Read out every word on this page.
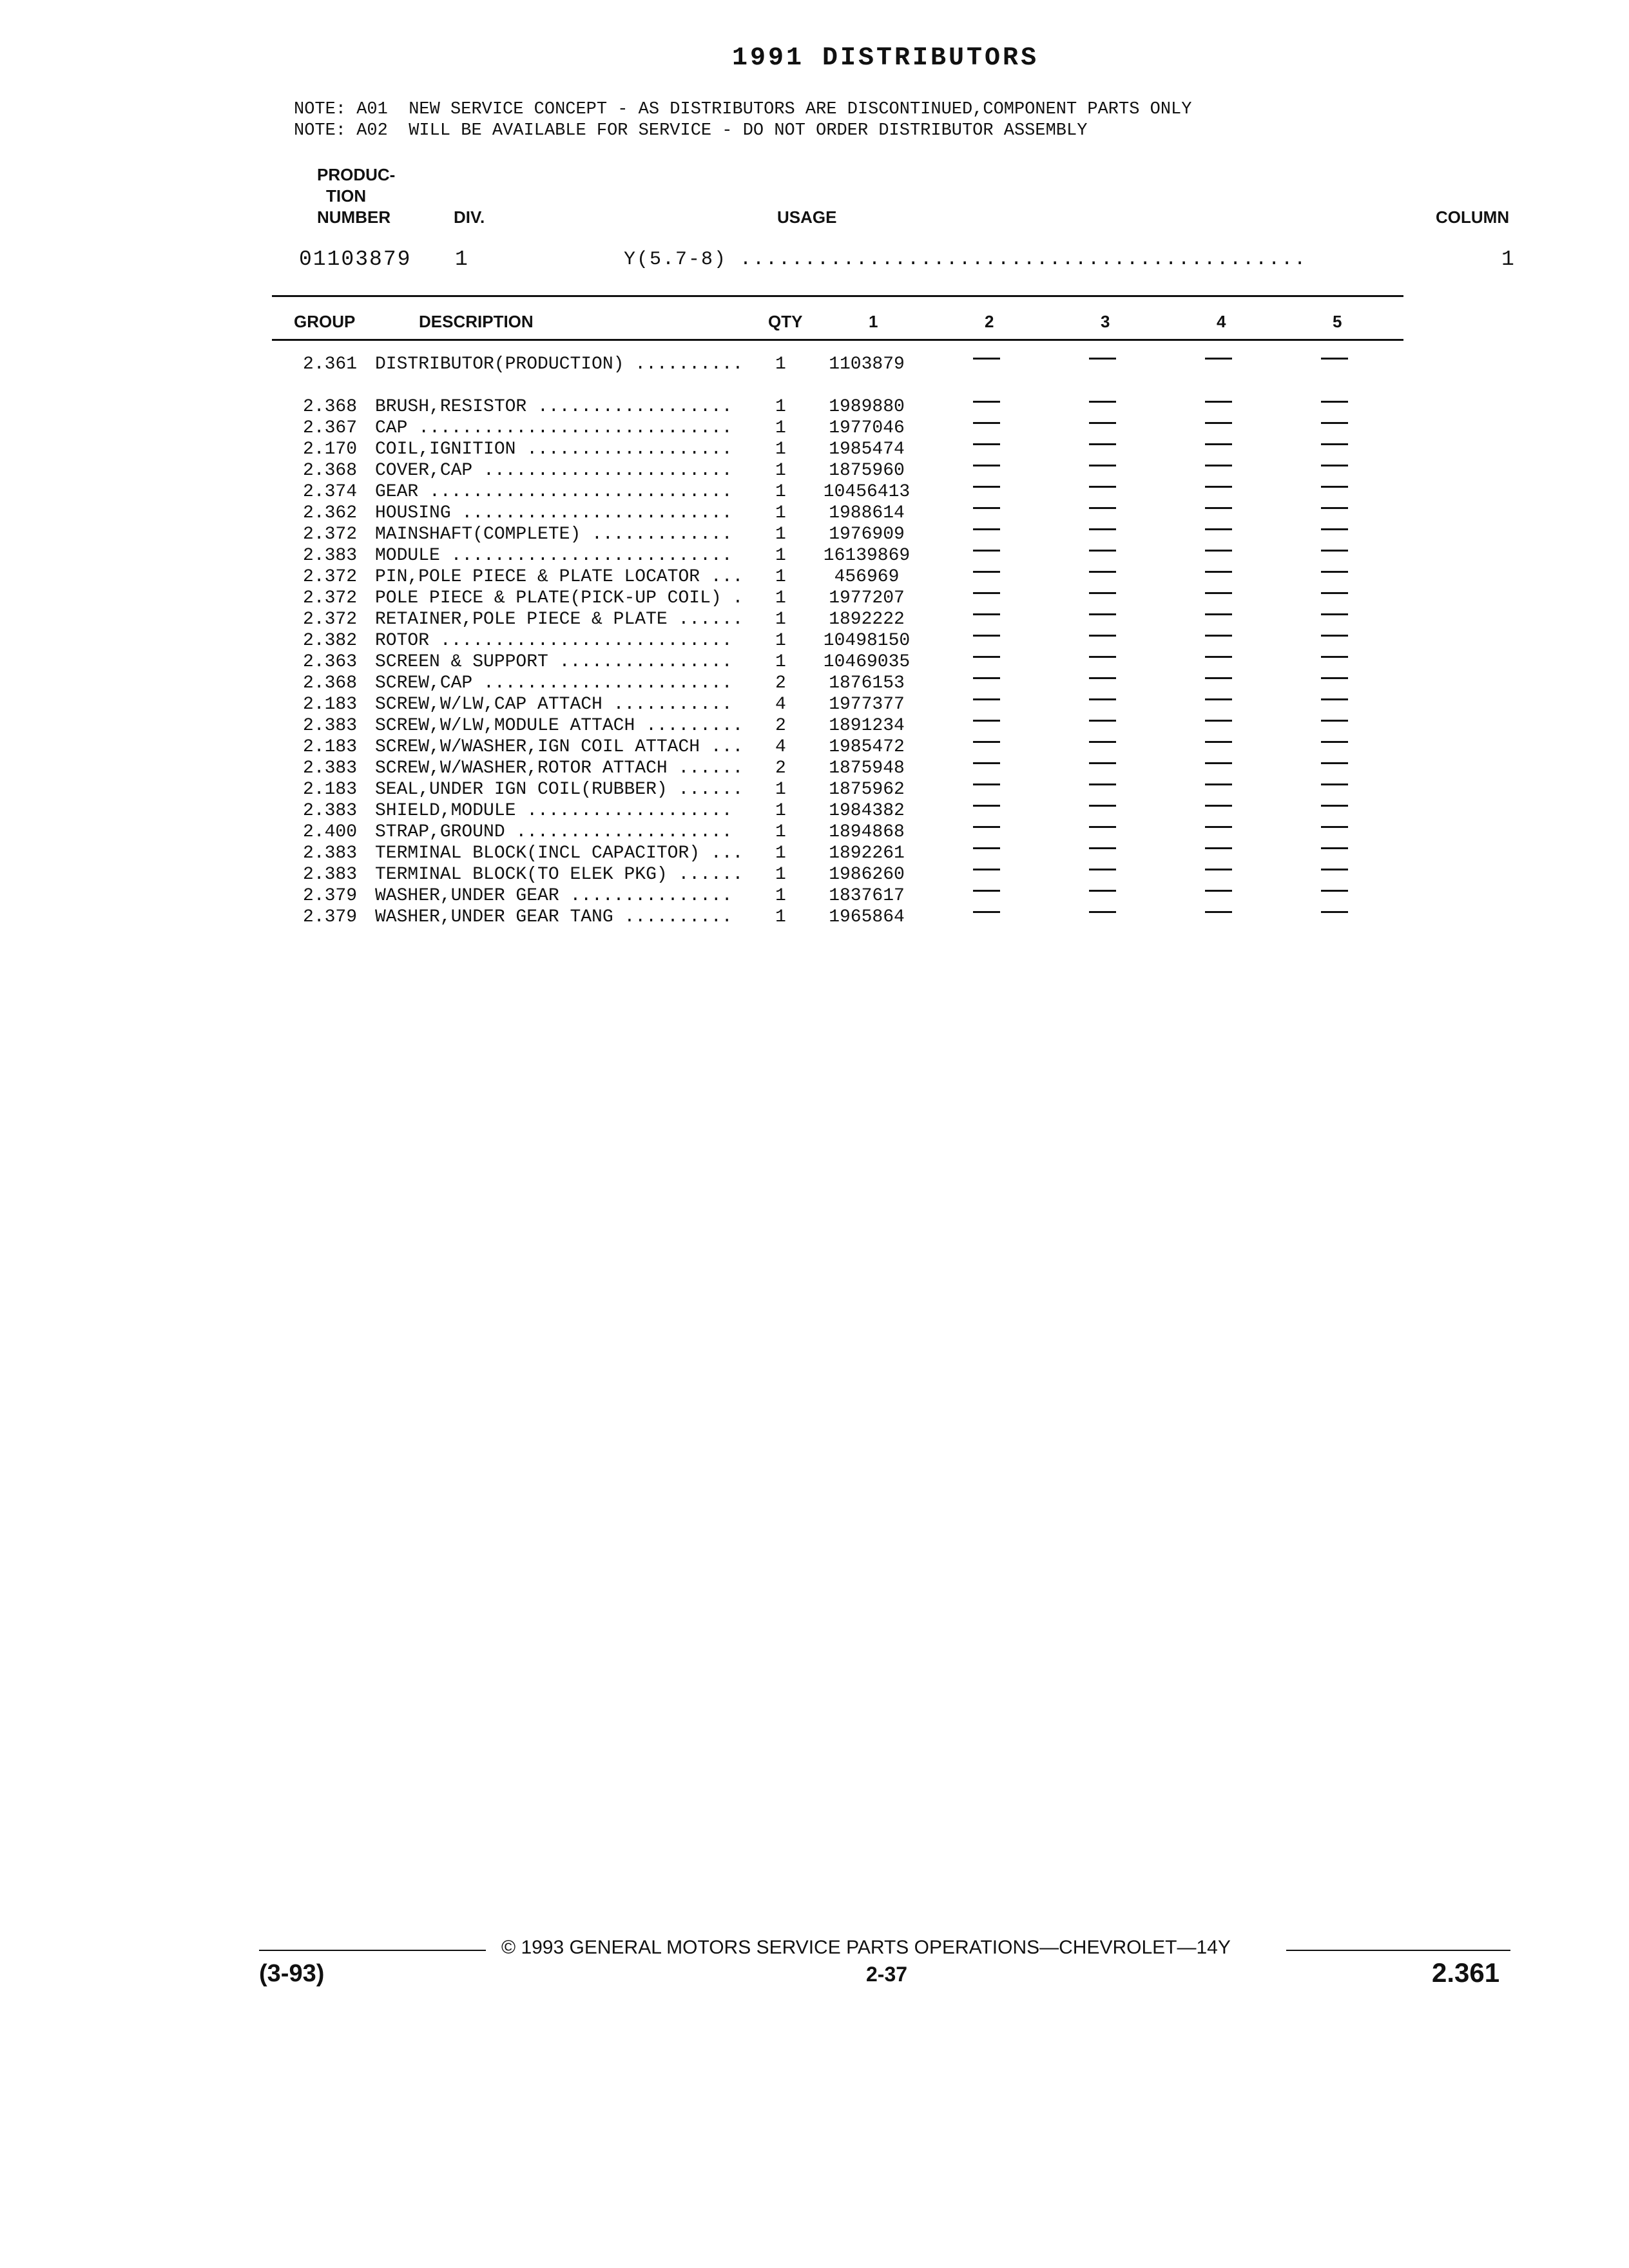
1991 DISTRIBUTORS
NOTE: A01  NEW SERVICE CONCEPT - AS DISTRIBUTORS ARE DISCONTINUED,COMPONENT PARTS ONLY
NOTE: A02  WILL BE AVAILABLE FOR SERVICE - DO NOT ORDER DISTRIBUTOR ASSEMBLY
PRODUC-
TION
NUMBER	DIV.	USAGE	COLUMN
01103879 1	Y(5.7-8) ............................................	1
GROUP	DESCRIPTION	QTY	1	2	3	4	5
2.361 DISTRIBUTOR(PRODUCTION) ..........	1	1103879
2.368 BRUSH,RESISTOR ..................	1	1989880
2.367 CAP .............................	1	1977046
2.170 COIL,IGNITION ...................	1	1985474
2.368 COVER,CAP .......................	1	1875960
2.374 GEAR ............................	1 10456413
2.362 HOUSING .........................	1	1988614
2.372 MAINSHAFT(COMPLETE) .............	1	1976909
2.383 MODULE ..........................	1 16139869
2.372 PIN,POLE PIECE & PLATE LOCATOR ...	1	456969
2.372 POLE PIECE & PLATE(PICK-UP COIL) .	1	1977207
2.372 RETAINER,POLE PIECE & PLATE ......	1	1892222
2.382 ROTOR ...........................	1 10498150
2.363 SCREEN & SUPPORT ................	1 10469035
2.368 SCREW,CAP .......................	2	1876153
2.183 SCREW,W/LW,CAP ATTACH ...........	4	1977377
2.383 SCREW,W/LW,MODULE ATTACH .........	2	1891234
2.183 SCREW,W/WASHER,IGN COIL ATTACH ...	4	1985472
2.383 SCREW,W/WASHER,ROTOR ATTACH ......	2	1875948
2.183 SEAL,UNDER IGN COIL(RUBBER) ......	1	1875962
2.383 SHIELD,MODULE ...................	1	1984382
2.400 STRAP,GROUND ....................	1	1894868
2.383 TERMINAL BLOCK(INCL CAPACITOR) ...	1	1892261
2.383 TERMINAL BLOCK(TO ELEK PKG) ......	1	1986260
2.379 WASHER,UNDER GEAR ...............	1	1837617
2.379 WASHER,UNDER GEAR TANG ..........	1	1965864
© 1993 GENERAL MOTORS SERVICE PARTS OPERATIONS—CHEVROLET—14Y
(3-93)	2-37	2.361
